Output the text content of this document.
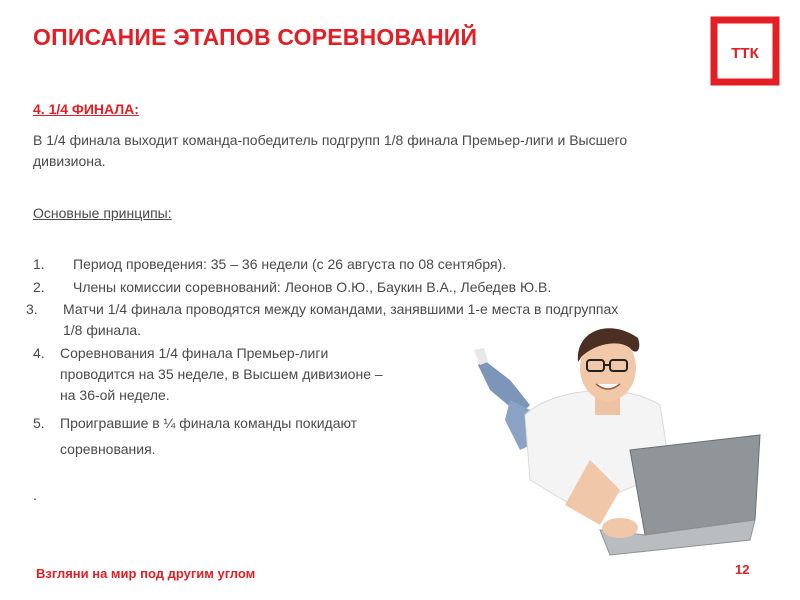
ОПИСАНИЕ ЭТАПОВ СОРЕВНОВАНИЙ
ТТК
4. 1/4 ФИНАЛА:
В 1/4 финала выходит команда-победитель подгрупп 1/8 финала Премьер-лиги и Высшего дивизиона.
Основные принципы:
1.	Период проведения: 35 – 36 недели (с 26 августа по 08 сентября).
2.	Члены комиссии соревнований: Леонов О.Ю., Баукин В.А., Лебедев Ю.В.
3.	Матчи 1/4 финала проводятся между командами, занявшими 1-е места в подгруппах 1/8 финала.
4.	Соревнования 1/4 финала Премьер-лиги проводится на 35 неделе, в Высшем дивизионе – на 36-ой неделе.
5.	Проигравшие в ¼ финала команды покидают соревнования.
.
Взгляни на мир под другим углом	12
